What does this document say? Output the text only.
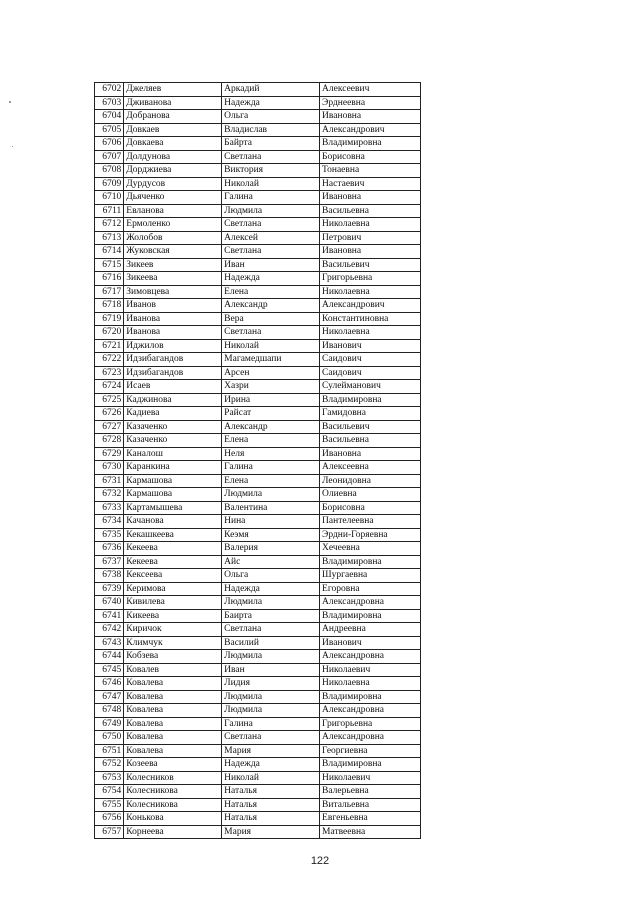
6702	Джеляев	Аркадий	Алексеевич
6703	Дживанова	Надежда	Эрднеевна
6704	Добранова	Ольга	Ивановна
6705	Довкаев	Владислав	Александрович
6706	Довкаева	Байрта	Владимировна
6707	Долдунова	Светлана	Борисовна
6708	Дорджиева	Виктория	Тонаевна
6709	Дурдусов	Николай	Настаевич
6710	Дьяченко	Галина	Ивановна
6711	Евланова	Людмила	Васильевна
6712	Ермоленко	Светлана	Николаевна
6713	Жолобов	Алексей	Петрович
6714	Жуковская	Светлана	Ивановна
6715	Зикеев	Иван	Васильевич
6716	Зикеева	Надежда	Григорьевна
6717	Зимовцева	Елена	Николаевна
6718	Иванов	Александр	Александрович
6719	Иванова	Вера	Константиновна
6720	Иванова	Светлана	Николаевна
6721	Иджилов	Николай	Иванович
6722	Идзибагандов	Магамедшапи	Саидович
6723	Идзибагандов	Арсен	Саидович
6724	Исаев	Хазри	Сулейманович
6725	Каджинова	Ирина	Владимировна
6726	Кадиева	Райсат	Гамидовна
6727	Казаченко	Александр	Васильевич
6728	Казаченко	Елена	Васильевна
6729	Каналош	Неля	Ивановна
6730	Каранкина	Галина	Алексеевна
6731	Кармашова	Елена	Леонидовна
6732	Кармашова	Людмила	Олиевна
6733	Картамышева	Валентина	Борисовна
6734	Качанова	Нина	Пантелеевна
6735	Кекашкеева	Кеэмя	Эрдни-Горяевна
6736	Кекеева	Валерия	Хечеевна
6737	Кекеева	Айс	Владимировна
6738	Кексеева	Ольга	Шургаевна
6739	Керимова	Надежда	Егоровна
6740	Кивилева	Людмила	Александровна
6741	Кикеева	Баирта	Владимировна
6742	Киричок	Светлана	Андреевна
6743	Климчук	Василий	Иванович
6744	Кобзева	Людмила	Александровна
6745	Ковалев	Иван	Николаевич
6746	Ковалева	Лидия	Николаевна
6747	Ковалева	Людмила	Владимировна
6748	Ковалева	Людмила	Александровна
6749	Ковалева	Галина	Григорьевна
6750	Ковалева	Светлана	Александровна
6751	Ковалева	Мария	Георгиевна
6752	Козеева	Надежда	Владимировна
6753	Колесников	Николай	Николаевич
6754	Колесникова	Наталья	Валерьевна
6755	Колесникова	Наталья	Витальевна
6756	Конькова	Наталья	Евгеньевна
6757	Корнеева	Мария	Матвеевна
122
